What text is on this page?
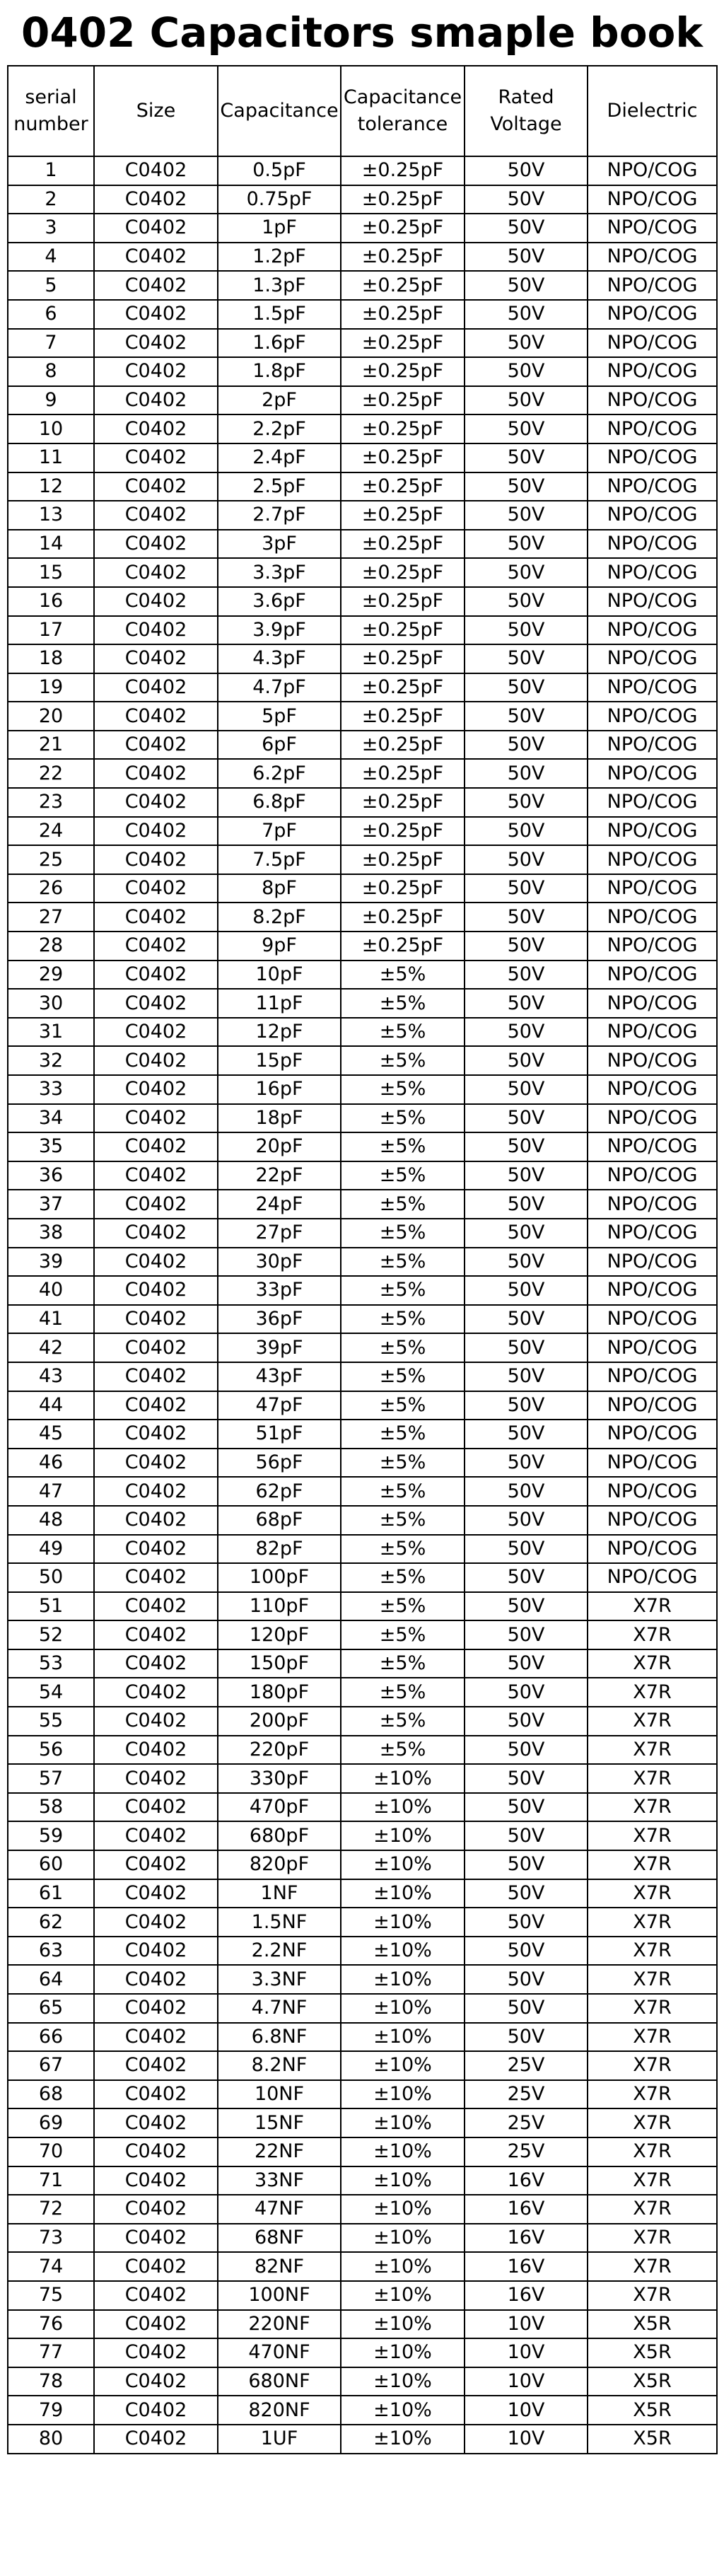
0402 Capacitors smaple book
serial number	Size	Capacitance	Capacitance tolerance	Rated Voltage	Dielectric
1	C0402	0.5pF	±0.25pF	50V	NPO/COG
2	C0402	0.75pF	±0.25pF	50V	NPO/COG
3	C0402	1pF	±0.25pF	50V	NPO/COG
4	C0402	1.2pF	±0.25pF	50V	NPO/COG
5	C0402	1.3pF	±0.25pF	50V	NPO/COG
6	C0402	1.5pF	±0.25pF	50V	NPO/COG
7	C0402	1.6pF	±0.25pF	50V	NPO/COG
8	C0402	1.8pF	±0.25pF	50V	NPO/COG
9	C0402	2pF	±0.25pF	50V	NPO/COG
10	C0402	2.2pF	±0.25pF	50V	NPO/COG
11	C0402	2.4pF	±0.25pF	50V	NPO/COG
12	C0402	2.5pF	±0.25pF	50V	NPO/COG
13	C0402	2.7pF	±0.25pF	50V	NPO/COG
14	C0402	3pF	±0.25pF	50V	NPO/COG
15	C0402	3.3pF	±0.25pF	50V	NPO/COG
16	C0402	3.6pF	±0.25pF	50V	NPO/COG
17	C0402	3.9pF	±0.25pF	50V	NPO/COG
18	C0402	4.3pF	±0.25pF	50V	NPO/COG
19	C0402	4.7pF	±0.25pF	50V	NPO/COG
20	C0402	5pF	±0.25pF	50V	NPO/COG
21	C0402	6pF	±0.25pF	50V	NPO/COG
22	C0402	6.2pF	±0.25pF	50V	NPO/COG
23	C0402	6.8pF	±0.25pF	50V	NPO/COG
24	C0402	7pF	±0.25pF	50V	NPO/COG
25	C0402	7.5pF	±0.25pF	50V	NPO/COG
26	C0402	8pF	±0.25pF	50V	NPO/COG
27	C0402	8.2pF	±0.25pF	50V	NPO/COG
28	C0402	9pF	±0.25pF	50V	NPO/COG
29	C0402	10pF	±5%	50V	NPO/COG
30	C0402	11pF	±5%	50V	NPO/COG
31	C0402	12pF	±5%	50V	NPO/COG
32	C0402	15pF	±5%	50V	NPO/COG
33	C0402	16pF	±5%	50V	NPO/COG
34	C0402	18pF	±5%	50V	NPO/COG
35	C0402	20pF	±5%	50V	NPO/COG
36	C0402	22pF	±5%	50V	NPO/COG
37	C0402	24pF	±5%	50V	NPO/COG
38	C0402	27pF	±5%	50V	NPO/COG
39	C0402	30pF	±5%	50V	NPO/COG
40	C0402	33pF	±5%	50V	NPO/COG
41	C0402	36pF	±5%	50V	NPO/COG
42	C0402	39pF	±5%	50V	NPO/COG
43	C0402	43pF	±5%	50V	NPO/COG
44	C0402	47pF	±5%	50V	NPO/COG
45	C0402	51pF	±5%	50V	NPO/COG
46	C0402	56pF	±5%	50V	NPO/COG
47	C0402	62pF	±5%	50V	NPO/COG
48	C0402	68pF	±5%	50V	NPO/COG
49	C0402	82pF	±5%	50V	NPO/COG
50	C0402	100pF	±5%	50V	NPO/COG
51	C0402	110pF	±5%	50V	X7R
52	C0402	120pF	±5%	50V	X7R
53	C0402	150pF	±5%	50V	X7R
54	C0402	180pF	±5%	50V	X7R
55	C0402	200pF	±5%	50V	X7R
56	C0402	220pF	±5%	50V	X7R
57	C0402	330pF	±10%	50V	X7R
58	C0402	470pF	±10%	50V	X7R
59	C0402	680pF	±10%	50V	X7R
60	C0402	820pF	±10%	50V	X7R
61	C0402	1NF	±10%	50V	X7R
62	C0402	1.5NF	±10%	50V	X7R
63	C0402	2.2NF	±10%	50V	X7R
64	C0402	3.3NF	±10%	50V	X7R
65	C0402	4.7NF	±10%	50V	X7R
66	C0402	6.8NF	±10%	50V	X7R
67	C0402	8.2NF	±10%	25V	X7R
68	C0402	10NF	±10%	25V	X7R
69	C0402	15NF	±10%	25V	X7R
70	C0402	22NF	±10%	25V	X7R
71	C0402	33NF	±10%	16V	X7R
72	C0402	47NF	±10%	16V	X7R
73	C0402	68NF	±10%	16V	X7R
74	C0402	82NF	±10%	16V	X7R
75	C0402	100NF	±10%	16V	X7R
76	C0402	220NF	±10%	10V	X5R
77	C0402	470NF	±10%	10V	X5R
78	C0402	680NF	±10%	10V	X5R
79	C0402	820NF	±10%	10V	X5R
80	C0402	1UF	±10%	10V	X5R
